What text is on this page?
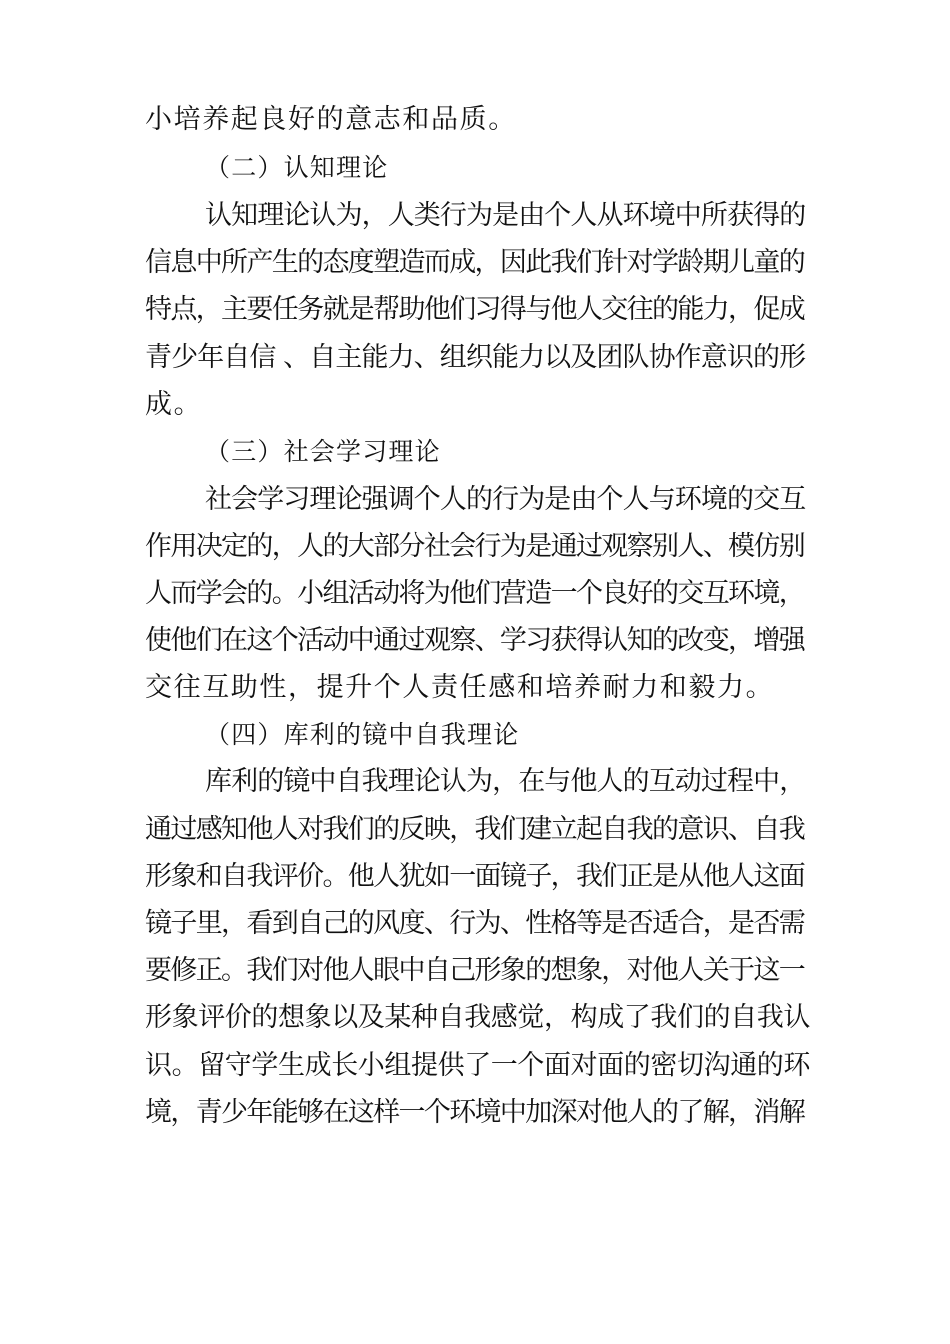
小培养起良好的意志和品质。
（二）认知理论
认知理论认为，人类行为是由个人从环境中所获得的
信息中所产生的态度塑造而成，因此我们针对学龄期儿童的
特点，主要任务就是帮助他们习得与他人交往的能力，促成
青少年自信 、自主能力、组织能力以及团队协作意识的形
成。
（三）社会学习理论
社会学习理论强调个人的行为是由个人与环境的交互
作用决定的，人的大部分社会行为是通过观察别人、模仿别
人而学会的。小组活动将为他们营造一个良好的交互环境，
使他们在这个活动中通过观察、学习获得认知的改变，增强
交往互助性，提升个人责任感和培养耐力和毅力。
（四）库利的镜中自我理论
库利的镜中自我理论认为，在与他人的互动过程中，
通过感知他人对我们的反映，我们建立起自我的意识、自我
形象和自我评价。他人犹如一面镜子，我们正是从他人这面
镜子里，看到自己的风度、行为、性格等是否适合，是否需
要修正。我们对他人眼中自己形象的想象，对他人关于这一
形象评价的想象以及某种自我感觉，构成了我们的自我认
识。留守学生成长小组提供了一个面对面的密切沟通的环
境，青少年能够在这样一个环境中加深对他人的了解，消解
